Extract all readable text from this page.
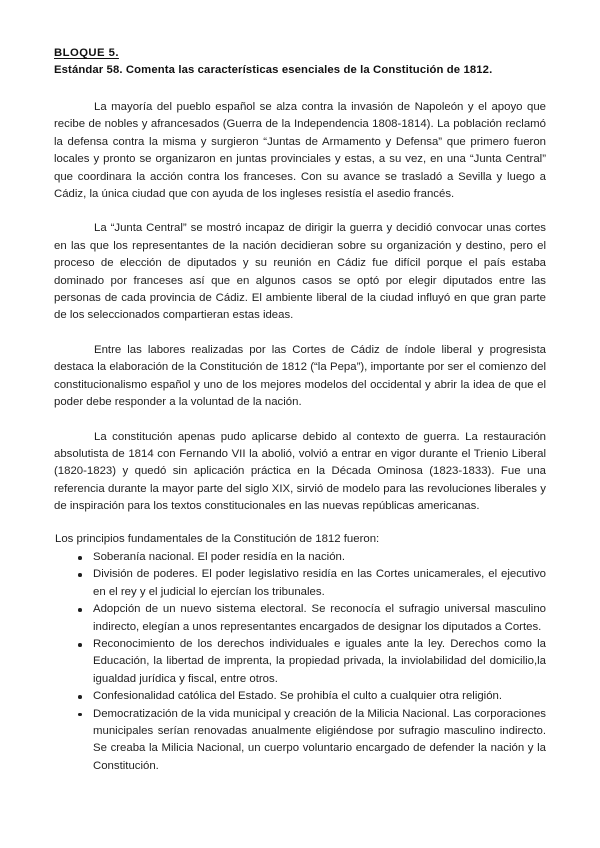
BLOQUE 5.
Estándar 58. Comenta las características esenciales de la Constitución de 1812.

La mayoría del pueblo español se alza contra la invasión de Napoleón y el apoyo que recibe de nobles y afrancesados (Guerra de la Independencia 1808-1814). La población reclamó la defensa contra la misma y surgieron “Juntas de Armamento y Defensa” que primero fueron locales y pronto se organizaron en juntas provinciales y estas, a su vez, en una “Junta Central” que coordinara la acción contra los franceses. Con su avance se trasladó a Sevilla y luego a Cádiz, la única ciudad que con ayuda de los ingleses resistía el asedio francés.

La “Junta Central” se mostró incapaz de dirigir la guerra y decidió convocar unas cortes en las que los representantes de la nación decidieran sobre su organización y destino, pero el proceso de elección de diputados y su reunión en Cádiz fue difícil porque el país estaba dominado por franceses así que en algunos casos se optó por elegir diputados entre las personas de cada provincia de Cádiz. El ambiente liberal de la ciudad influyó en que gran parte de los seleccionados compartieran estas ideas.

Entre las labores realizadas por las Cortes de Cádiz de índole liberal y progresista destaca la elaboración de la Constitución de 1812 (“la Pepa”), importante por ser el comienzo del constitucionalismo español y uno de los mejores modelos del occidental y abrir la idea de que el poder debe responder a la voluntad de la nación.

La constitución apenas pudo aplicarse debido al contexto de guerra. La restauración absolutista de 1814 con Fernando VII la abolió, volvió a entrar en vigor durante el Trienio Liberal (1820-1823) y quedó sin aplicación práctica en la Década Ominosa (1823-1833). Fue una referencia durante la mayor parte del siglo XIX, sirvió de modelo para las revoluciones liberales y de inspiración para los textos constitucionales en las nuevas repúblicas americanas.

Los principios fundamentales de la Constitución de 1812 fueron:
Soberanía nacional. El poder residía en la nación.
División de poderes. El poder legislativo residía en las Cortes unicamerales, el ejecutivo en el rey y el judicial lo ejercían los tribunales.
Adopción de un nuevo sistema electoral. Se reconocía el sufragio universal masculino indirecto, elegían a unos representantes encargados de designar los diputados a Cortes.
Reconocimiento de los derechos individuales e iguales ante la ley. Derechos como la Educación, la libertad de imprenta, la propiedad privada, la inviolabilidad del domicilio,la igualdad jurídica y fiscal, entre otros.
Confesionalidad católica del Estado. Se prohibía el culto a cualquier otra religión.
Democratización de la vida municipal y creación de la Milicia Nacional. Las corporaciones municipales serían renovadas anualmente eligiéndose por sufragio masculino indirecto. Se creaba la Milicia Nacional, un cuerpo voluntario encargado de defender la nación y la Constitución.
